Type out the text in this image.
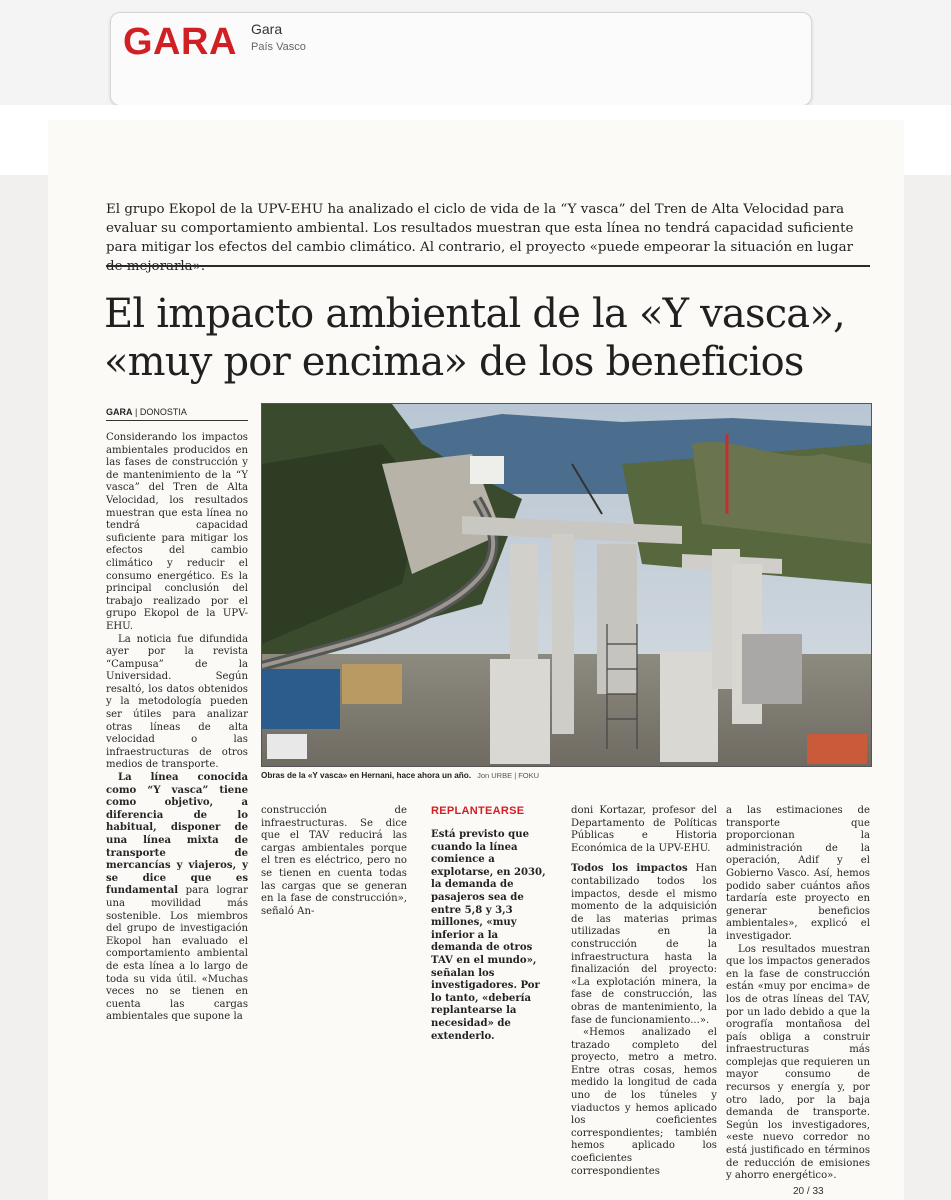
GARA Gara
País Vasco
El grupo Ekopol de la UPV-EHU ha analizado el ciclo de vida de la “Y vasca” del Tren de Alta Velocidad para evaluar su comportamiento ambiental. Los resultados muestran que esta línea no tendrá capacidad suficiente para mitigar los efectos del cambio climático. Al contrario, el proyecto «puede empeorar la situación en lugar
El impacto ambiental de la «Y vasca»,
«muy por encima» de los beneficios
GARA | DONOSTIA

Considerando los impactos ambientales producidos en las fases de construcción y de mantenimiento de la “Y vasca” del Tren de Alta Velocidad, los resultados muestran que esta línea no tendrá capacidad suficiente para mitigar los efectos del cambio climático y reducir el consumo energético. Es la principal conclusión del trabajo realizado por el grupo Ekopol de la UPV-EHU.

La noticia fue difundida ayer por la revista “Campusa” de la Universidad. Según resaltó, los datos obtenidos y la metodología pueden ser útiles para analizar otras líneas de alta velocidad o las infraestructuras de otros medios de transporte.

La línea conocida como “Y vasca” tiene como objetivo, a diferencia de lo habitual, disponer de una línea mixta de transporte de mercancías y viajeros, y se dice que es fundamental para lograr una movilidad más sostenible. Los miembros del grupo de investigación Ekopol han evaluado el comportamiento ambiental de esta línea a lo largo de toda su vida útil. «Muchas veces no se tienen en cuenta las cargas ambientales que supone la

Obras de la «Y vasca» en Hernani, hace ahora un año. Jon URBE | FOKU

construcción de infraestructuras. Se dice que el TAV reducirá las cargas ambientales porque el tren es eléctrico, pero no se tienen en cuenta todas las cargas que se generan en la fase de construcción», señaló An-

REPLANTEARSE
Está previsto que cuando la línea comience a explotarse, en 2030, la demanda de pasajeros sea de entre 5,8 y 3,3 millones, «muy inferior a la demanda de otros TAV en el mundo», señalan los investigadores. Por lo tanto, «debería replantearse la necesidad» de extenderlo.

doni Kortazar, profesor del Departamento de Políticas Públicas e Historia Económica de la UPV-EHU.

Todos los impactos Han contabilizado todos los impactos, desde el mismo momento de la adquisición de las materias primas utilizadas en la construcción de la infraestructura hasta la finalización del proyecto: «La explotación minera, la fase de construcción, las obras de mantenimiento, la fase de funcionamiento...».

«Hemos analizado el trazado completo del proyecto, metro a metro. Entre otras cosas, hemos medido la longitud de cada uno de los túneles y viaductos y hemos aplicado los coeficientes correspondientes; también hemos aplicado los coeficientes correspondientes

a las estimaciones de transporte que proporcionan la administración de la operación, Adif y el Gobierno Vasco. Así, hemos podido saber cuántos años tardaría este proyecto en generar beneficios ambientales», explicó el investigador.

Los resultados muestran que los impactos generados en la fase de construcción están «muy por encima» de los de otras líneas del TAV, por un lado debido a que la orografía montañosa del país obliga a construir infraestructuras más complejas que requieren un mayor consumo de recursos y energía y, por otro lado, por la baja demanda de transporte. Según los investigadores, «este nuevo corredor no está justificado en términos de reducción de emisiones y ahorro energético».

20 / 33
